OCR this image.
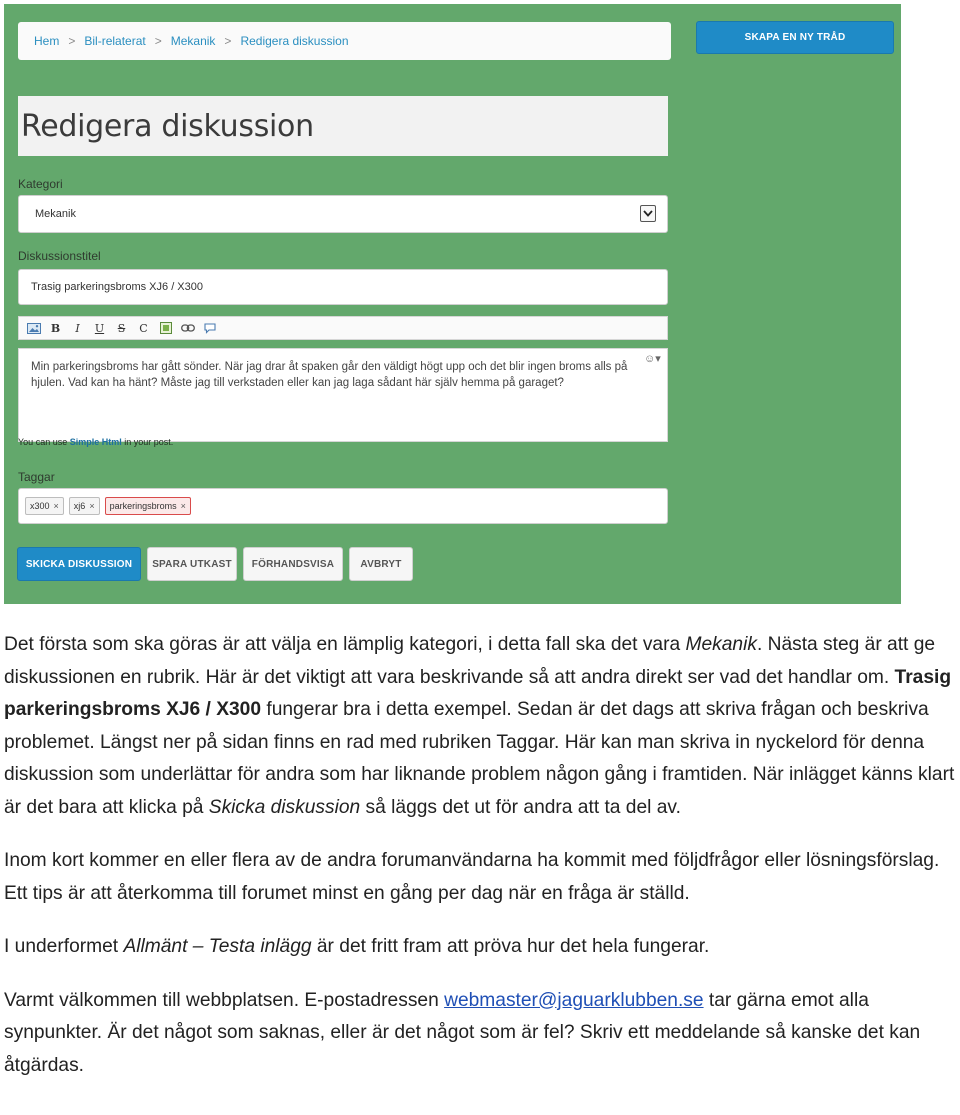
Hem > Bil-relaterat > Mekanik > Redigera diskussion	SKAPA EN NY TRÅD
Redigera diskussion
Kategori
Mekanik
Diskussionstitel
Trasig parkeringsbroms XJ6 / X300
B	I	U	S	C
Min parkeringsbroms har gått sönder. När jag drar åt spaken går den väldigt högt upp och det blir ingen broms alls på hjulen. Vad kan ha hänt? Måste jag till verkstaden eller kan jag laga sådant här själv hemma på garaget?
☺▾
You can use Simple Html in your post.
Taggar
x300 × xj6 × parkeringsbroms ×
SKICKA DISKUSSION	SPARA UTKAST	FÖRHANDSVISA	AVBRYT

Det första som ska göras är att välja en lämplig kategori, i detta fall ska det vara Mekanik. Nästa steg är att ge diskussionen en rubrik. Här är det viktigt att vara beskrivande så att andra direkt ser vad det handlar om. Trasig parkeringsbroms XJ6 / X300 fungerar bra i detta exempel. Sedan är det dags att skriva frågan och beskriva problemet. Längst ner på sidan finns en rad med rubriken Taggar. Här kan man skriva in nyckelord för denna diskussion som underlättar för andra som har liknande problem någon gång i framtiden. När inlägget känns klart är det bara att klicka på Skicka diskussion så läggs det ut för andra att ta del av.

Inom kort kommer en eller flera av de andra forumanvändarna ha kommit med följdfrågor eller lösningsförslag. Ett tips är att återkomma till forumet minst en gång per dag när en fråga är ställd.

I underformet Allmänt – Testa inlägg är det fritt fram att pröva hur det hela fungerar.

Varmt välkommen till webbplatsen. E-postadressen webmaster@jaguarklubben.se tar gärna emot alla synpunkter. Är det något som saknas, eller är det något som är fel? Skriv ett meddelande så kanske det kan åtgärdas.
